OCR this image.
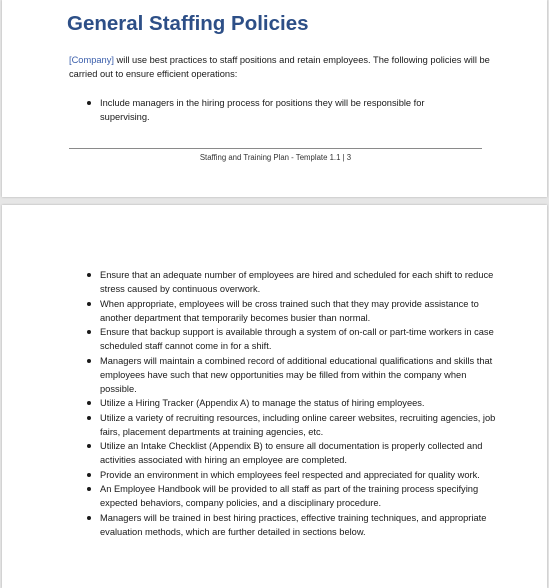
General Staffing Policies

[Company] will use best practices to staff positions and retain employees. The following policies will be carried out to ensure efficient operations:

Include managers in the hiring process for positions they will be responsible for supervising.
Staffing and Training Plan - Template 1.1 | 3
Ensure that an adequate number of employees are hired and scheduled for each shift to reduce stress caused by continuous overwork.
When appropriate, employees will be cross trained such that they may provide assistance to another department that temporarily becomes busier than normal.
Ensure that backup support is available through a system of on-call or part-time workers in case scheduled staff cannot come in for a shift.
Managers will maintain a combined record of additional educational qualifications and skills that employees have such that new opportunities may be filled from within the company when possible.
Utilize a Hiring Tracker (Appendix A) to manage the status of hiring employees.
Utilize a variety of recruiting resources, including online career websites, recruiting agencies, job fairs, placement departments at training agencies, etc.
Utilize an Intake Checklist (Appendix B) to ensure all documentation is properly collected and activities associated with hiring an employee are completed.
Provide an environment in which employees feel respected and appreciated for quality work.
An Employee Handbook will be provided to all staff as part of the training process specifying expected behaviors, company policies, and a disciplinary procedure.
Managers will be trained in best hiring practices, effective training techniques, and appropriate evaluation methods, which are further detailed in sections below.
